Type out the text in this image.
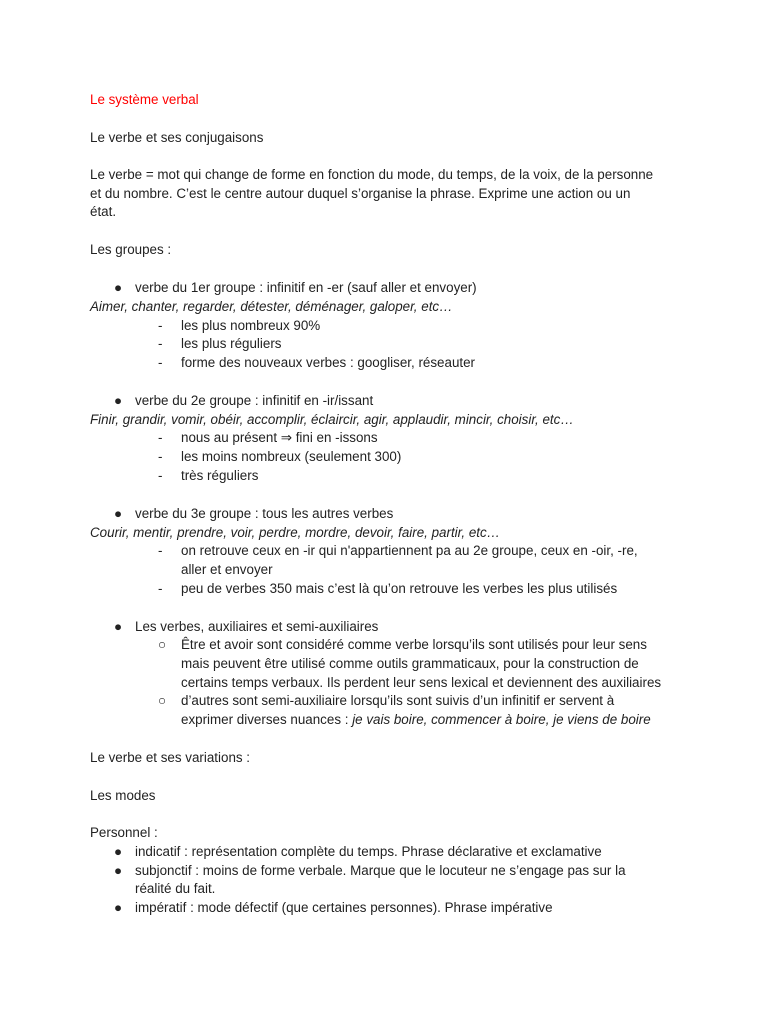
Le système verbal

Le verbe et ses conjugaisons

Le verbe = mot qui change de forme en fonction du mode, du temps, de la voix, de la personne

et du nombre. C’est le centre autour duquel s’organise la phrase. Exprime une action ou un

état.

Les groupes :

● verbe du 1er groupe : infinitif en -er (sauf aller et envoyer)

Aimer, chanter, regarder, détester, déménager, galoper, etc…

- les plus nombreux 90%

- les plus réguliers

- forme des nouveaux verbes : googliser, réseauter

● verbe du 2e groupe : infinitif en -ir/issant

Finir, grandir, vomir, obéir, accomplir, éclaircir, agir, applaudir, mincir, choisir, etc…

- nous au présent ⇒ fini en -issons

- les moins nombreux (seulement 300)

- très réguliers

● verbe du 3e groupe : tous les autres verbes

Courir, mentir, prendre, voir, perdre, mordre, devoir, faire, partir, etc…

- on retrouve ceux en -ir qui n'appartiennent pa au 2e groupe, ceux en -oir, -re,

aller et envoyer

- peu de verbes 350 mais c’est là qu’on retrouve les verbes les plus utilisés

● Les verbes, auxiliaires et semi-auxiliaires

○ Être et avoir sont considéré comme verbe lorsqu’ils sont utilisés pour leur sens

mais peuvent être utilisé comme outils grammaticaux, pour la construction de

certains temps verbaux. Ils perdent leur sens lexical et deviennent des auxiliaires

○ d’autres sont semi-auxiliaire lorsqu’ils sont suivis d’un infinitif er servent à

exprimer diverses nuances : je vais boire, commencer à boire, je viens de boire

Le verbe et ses variations :

Les modes

Personnel :

● indicatif : représentation complète du temps. Phrase déclarative et exclamative

● subjonctif : moins de forme verbale. Marque que le locuteur ne s’engage pas sur la

réalité du fait.

● impératif : mode défectif (que certaines personnes). Phrase impérative
